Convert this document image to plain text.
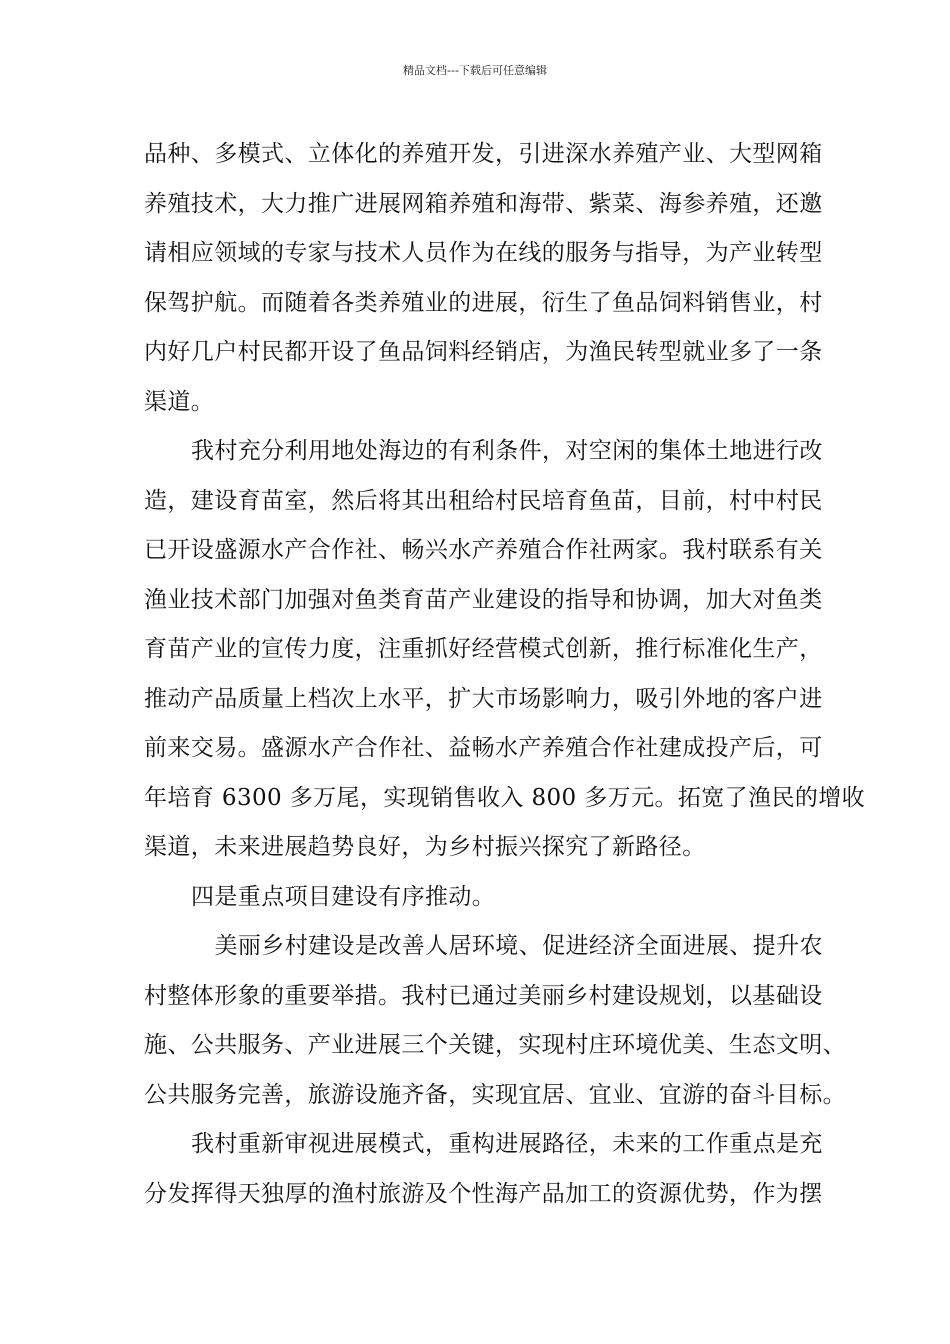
精品文档---下载后可任意编辑

品种、多模式、立体化的养殖开发，引进深水养殖产业、大型网箱
养殖技术，大力推广进展网箱养殖和海带、紫菜、海参养殖，还邀
请相应领域的专家与技术人员作为在线的服务与指导，为产业转型
保驾护航。而随着各类养殖业的进展，衍生了鱼品饲料销售业，村
内好几户村民都开设了鱼品饲料经销店，为渔民转型就业多了一条
渠道。

我村充分利用地处海边的有利条件，对空闲的集体土地进行改
造，建设育苗室，然后将其出租给村民培育鱼苗，目前，村中村民
已开设盛源水产合作社、畅兴水产养殖合作社两家。我村联系有关
渔业技术部门加强对鱼类育苗产业建设的指导和协调，加大对鱼类
育苗产业的宣传力度，注重抓好经营模式创新，推行标准化生产，
推动产品质量上档次上水平，扩大市场影响力，吸引外地的客户进
前来交易。盛源水产合作社、益畅水产养殖合作社建成投产后，可
年培育 6300 多万尾，实现销售收入 800 多万元。拓宽了渔民的增收
渠道，未来进展趋势良好，为乡村振兴探究了新路径。

四是重点项目建设有序推动。

美丽乡村建设是改善人居环境、促进经济全面进展、提升农
村整体形象的重要举措。我村已通过美丽乡村建设规划，以基础设
施、公共服务、产业进展三个关键，实现村庄环境优美、生态文明、
公共服务完善，旅游设施齐备，实现宜居、宜业、宜游的奋斗目标。

我村重新审视进展模式，重构进展路径，未来的工作重点是充
分发挥得天独厚的渔村旅游及个性海产品加工的资源优势，作为摆
